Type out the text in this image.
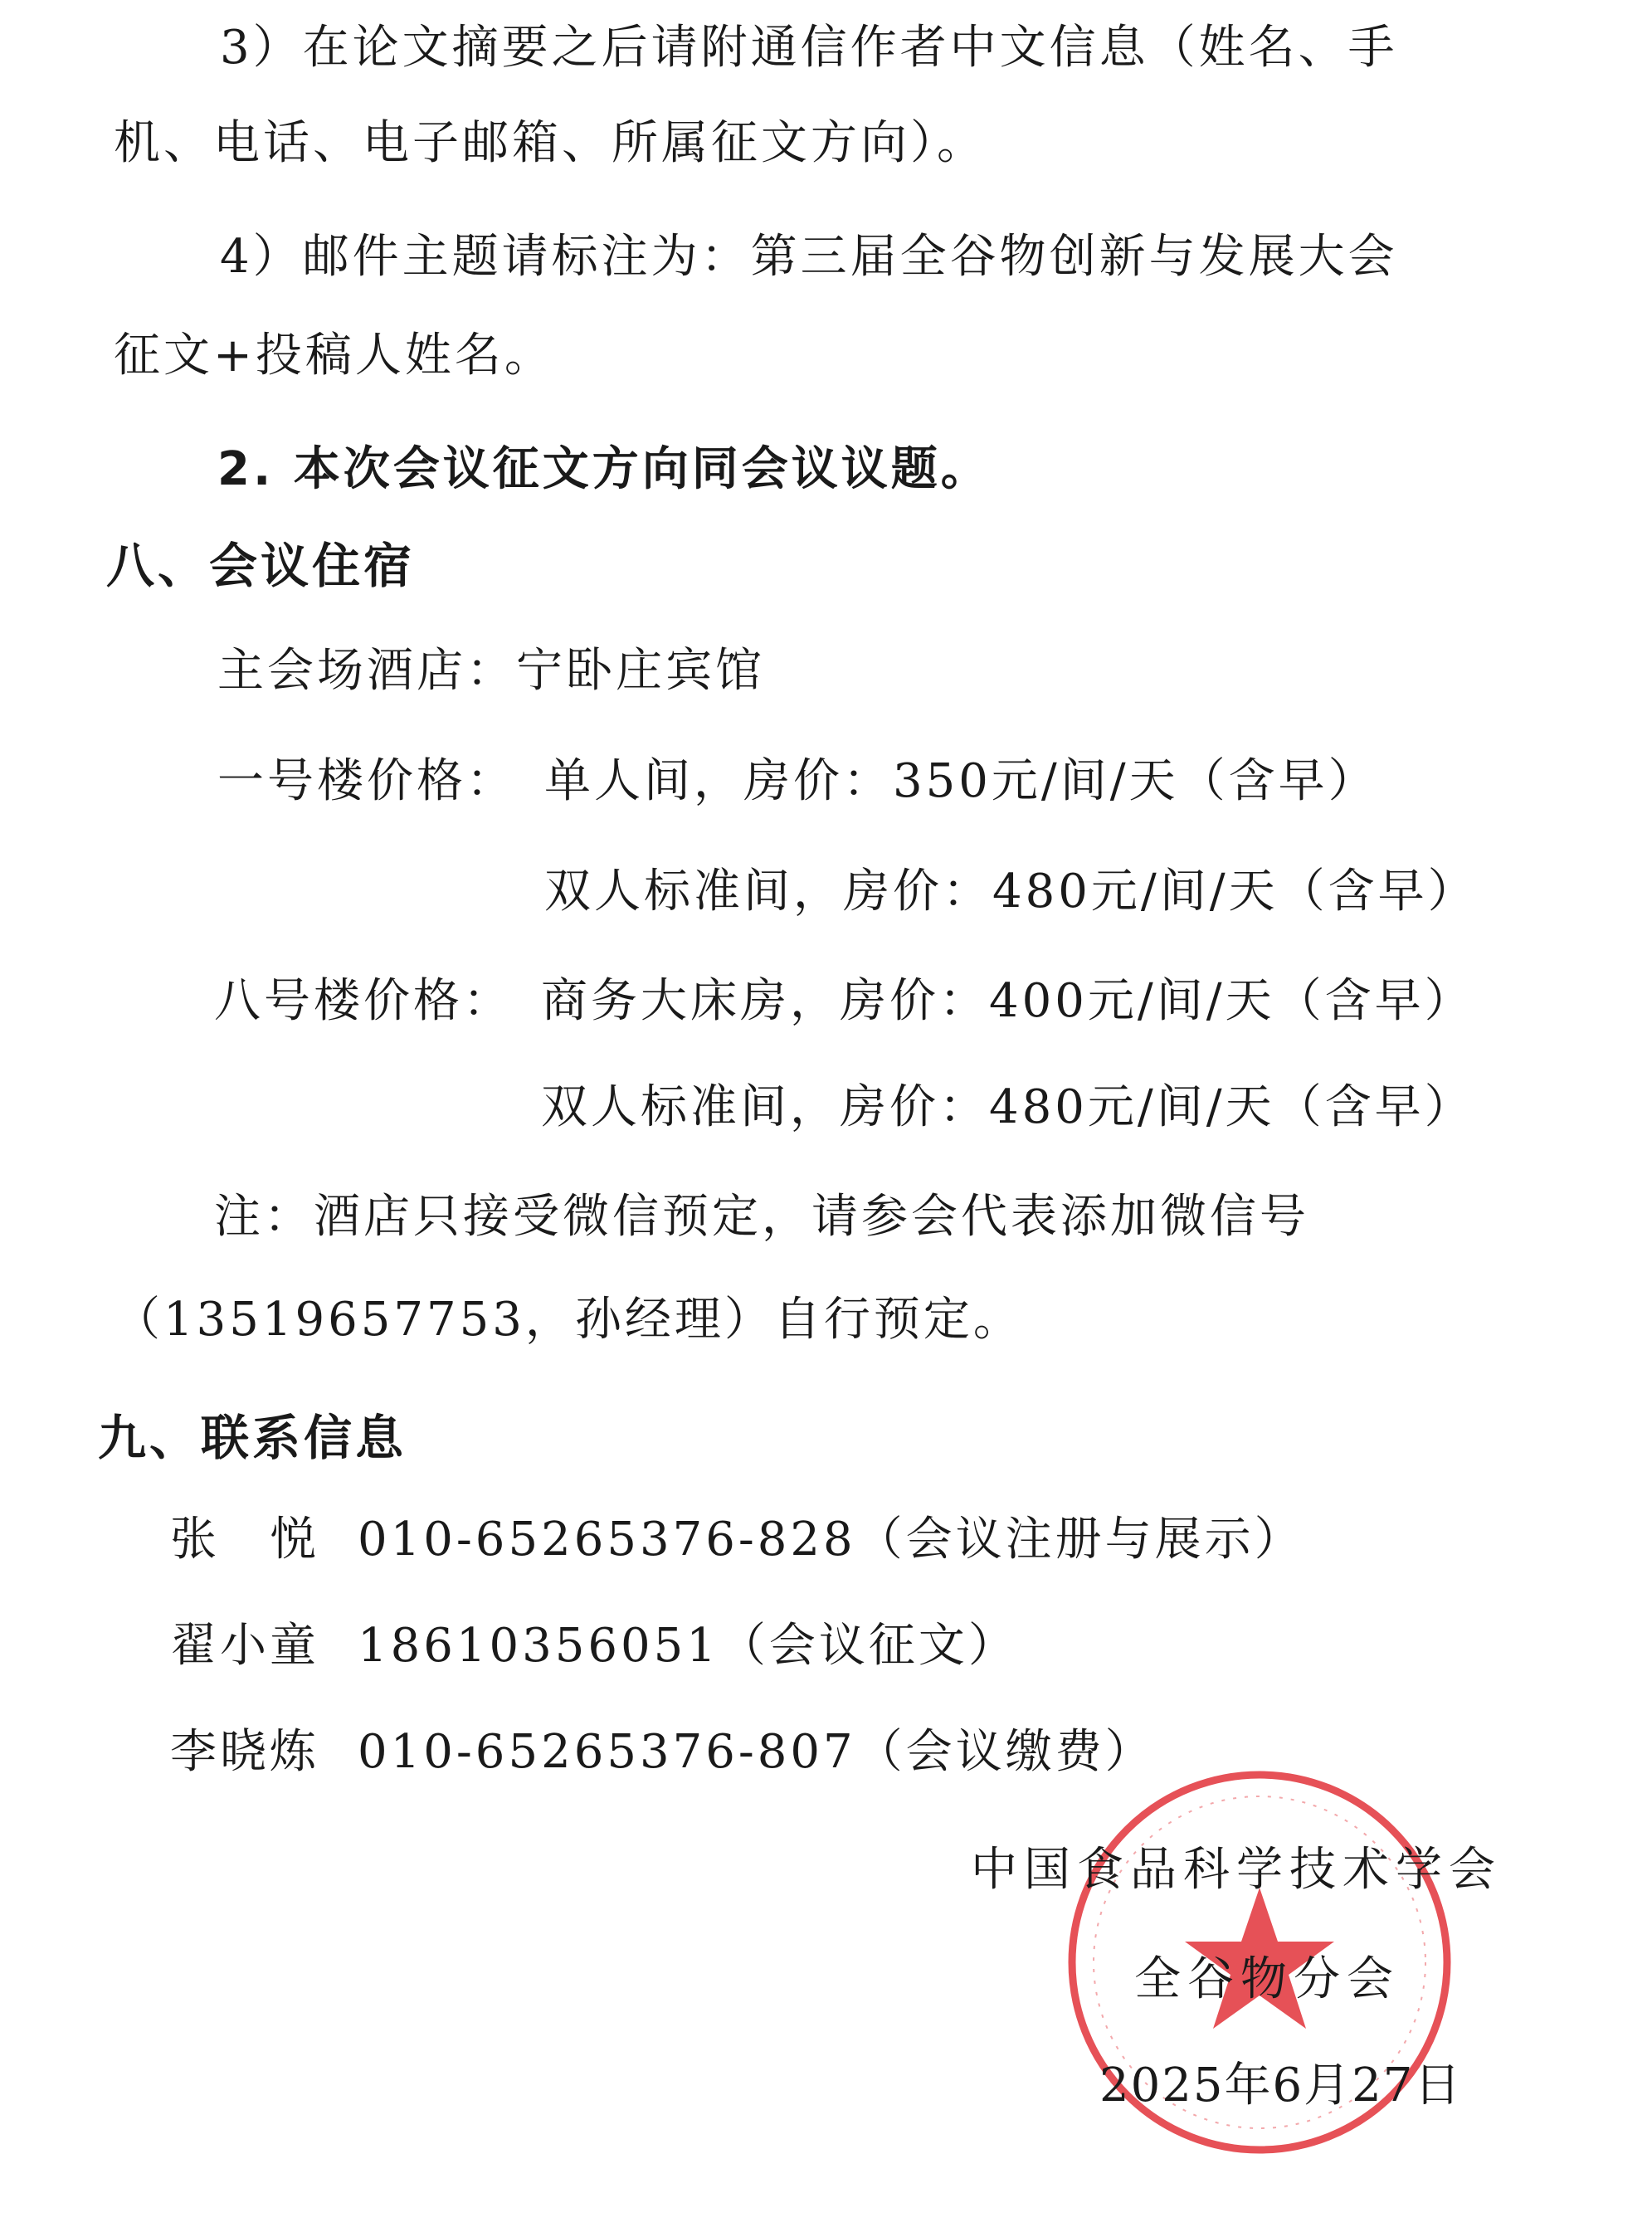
3）在论文摘要之后请附通信作者中文信息（姓名、手
机、电话、电子邮箱、所属征文方向）。
4）邮件主题请标注为：第三届全谷物创新与发展大会
征文+投稿人姓名。
2. 本次会议征文方向同会议议题。
八、会议住宿
主会场酒店：宁卧庄宾馆
一号楼价格： 单人间，房价：350元/间/天（含早）
双人标准间，房价：480元/间/天（含早）
八号楼价格： 商务大床房，房价：400元/间/天（含早）
双人标准间，房价：480元/间/天（含早）
注：酒店只接受微信预定，请参会代表添加微信号
（13519657753，孙经理）自行预定。
九、联系信息
张　悦 010-65265376-828（会议注册与展示）
翟小童 18610356051（会议征文）
李晓炼 010-65265376-807（会议缴费）
中国食品科学技术学会
全谷物分会
2025年6月27日
